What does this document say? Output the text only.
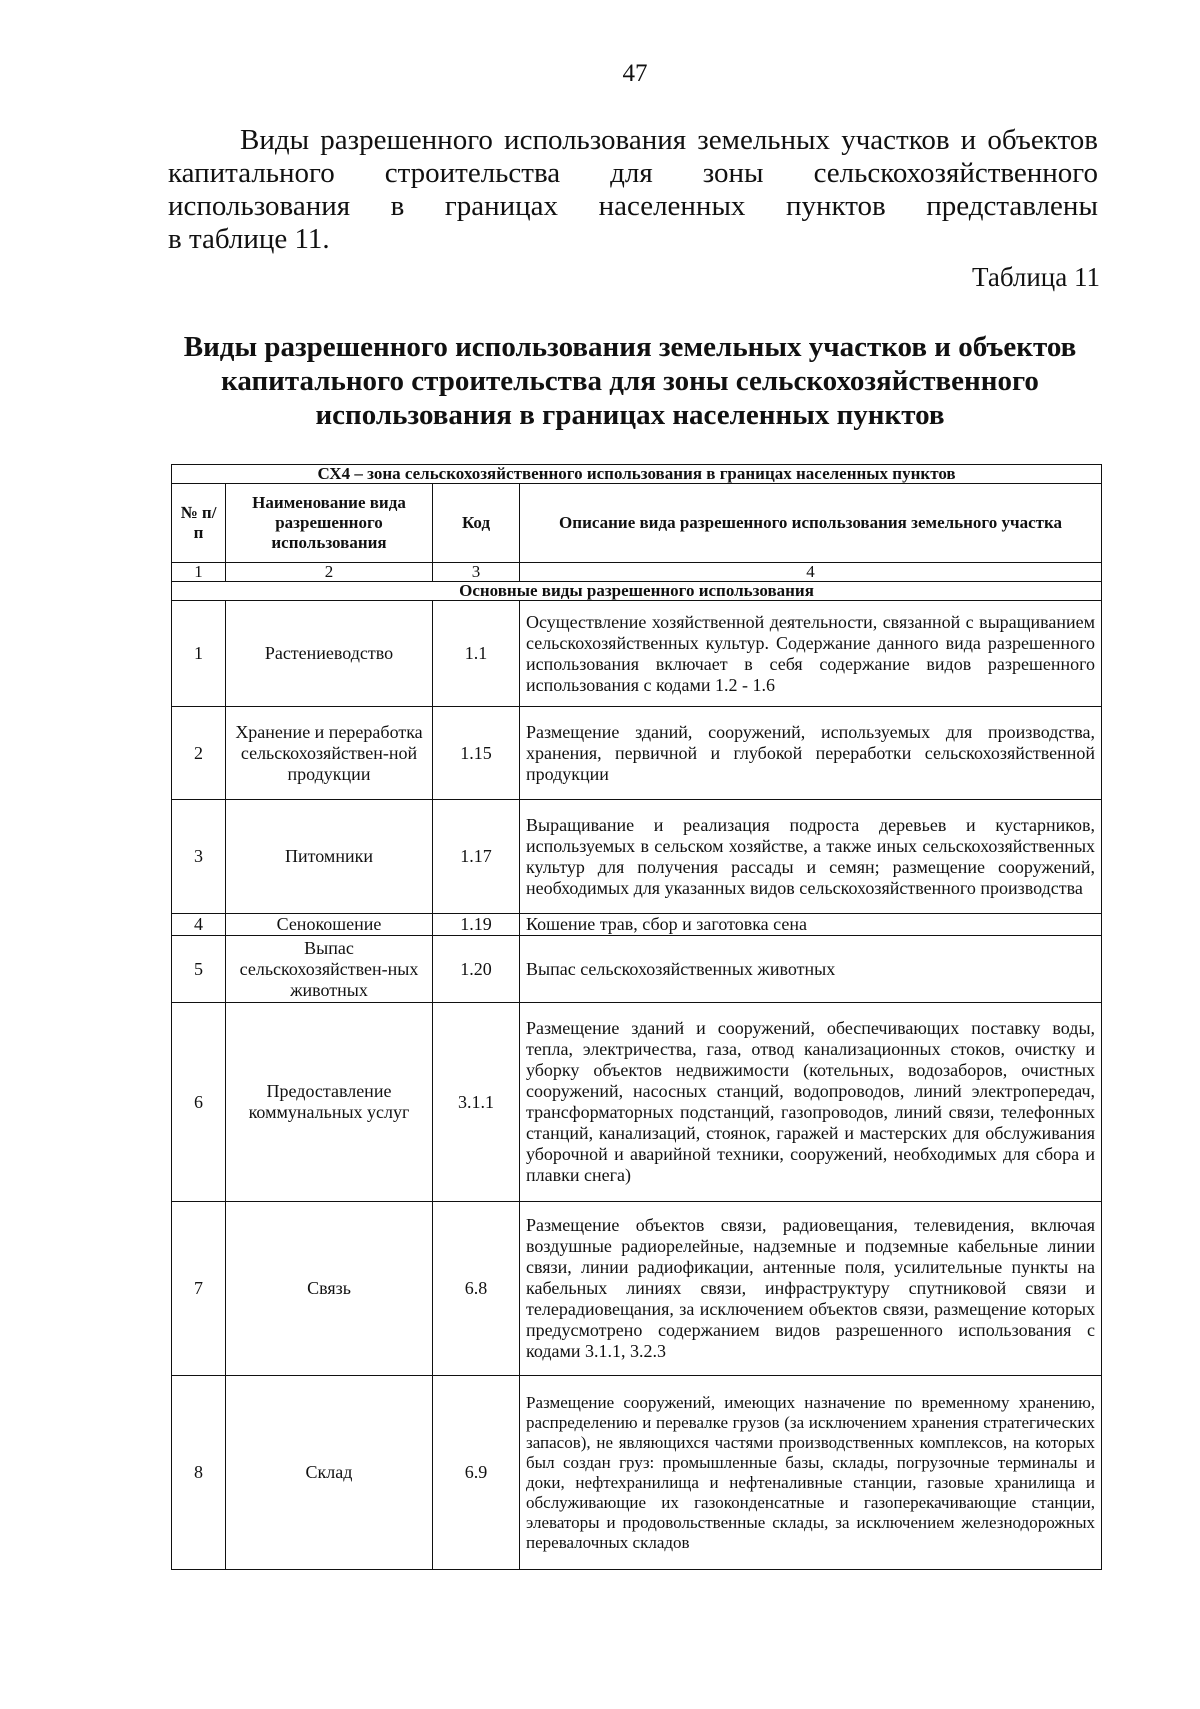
47
Виды разрешенного использования земельных участков и объектов
капитального строительства для зоны сельскохозяйственного
использования в границах населенных пунктов представлены
в таблице 11.
Таблица 11
Виды разрешенного использования земельных участков и объектов
капитального строительства для зоны сельскохозяйственного
использования в границах населенных пунктов
СХ4 – зона сельскохозяйственного использования в границах населенных пунктов			
№ п/п	Наименование вида разрешенного использования	Код	Описание вида разрешенного использования земельного участка
1	2	3	4
Основные виды разрешенного использования			
1	Растениеводство	1.1	Осуществление хозяйственной деятельности, связанной с выращиванием сельскохозяйственных культур. Содержание данного вида разрешенного использования включает в себя содержание видов разрешенного использования с кодами 1.2 - 1.6
2	Хранение и переработка сельскохозяйствен-ной продукции	1.15	Размещение зданий, сооружений, используемых для производства, хранения, первичной и глубокой переработки сельскохозяйственной продукции
3	Питомники	1.17	Выращивание и реализация подроста деревьев и кустарников, используемых в сельском хозяйстве, а также иных сельскохозяйственных культур для получения рассады и семян; размещение сооружений, необходимых для указанных видов сельскохозяйственного производства
4	Сенокошение	1.19	Кошение трав, сбор и заготовка сена
5	Выпас сельскохозяйствен-ных животных	1.20	Выпас сельскохозяйственных животных
6	Предоставление коммунальных услуг	3.1.1	Размещение зданий и сооружений, обеспечивающих поставку воды, тепла, электричества, газа, отвод канализационных стоков, очистку и уборку объектов недвижимости (котельных, водозаборов, очистных сооружений, насосных станций, водопроводов, линий электропередач, трансформаторных подстанций, газопроводов, линий связи, телефонных станций, канализаций, стоянок, гаражей и мастерских для обслуживания уборочной и аварийной техники, сооружений, необходимых для сбора и плавки снега)
7	Связь	6.8	Размещение объектов связи, радиовещания, телевидения, включая воздушные радиорелейные, надземные и подземные кабельные линии связи, линии радиофикации, антенные поля, усилительные пункты на кабельных линиях связи, инфраструктуру спутниковой связи и телерадиовещания, за исключением объектов связи, размещение которых предусмотрено содержанием видов разрешенного использования с кодами 3.1.1, 3.2.3
8	Склад	6.9	Размещение сооружений, имеющих назначение по временному хранению, распределению и перевалке грузов (за исключением хранения стратегических запасов), не являющихся частями производственных комплексов, на которых был создан груз: промышленные базы, склады, погрузочные терминалы и доки, нефтехранилища и нефтеналивные станции, газовые хранилища и обслуживающие их газоконденсатные и газоперекачивающие станции, элеваторы и продовольственные склады, за исключением железнодорожных перевалочных складов
